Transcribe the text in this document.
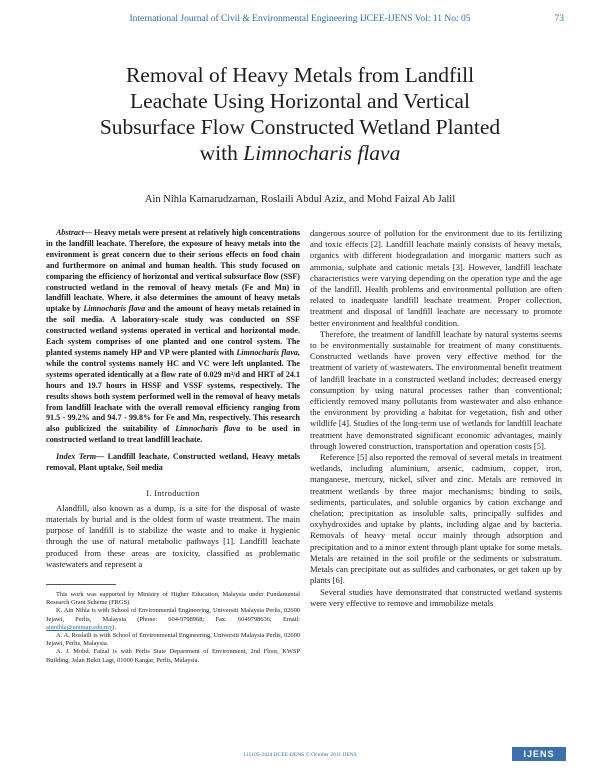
International Journal of Civil & Environmental Engineering IJCEE-IJENS Vol: 11 No: 05	73
Removal of Heavy Metals from Landfill
Leachate Using Horizontal and Vertical
Subsurface Flow Constructed Wetland Planted
with Limnocharis flava
Ain Nihla Kamarudzaman, Roslaili Abdul Aziz, and Mohd Faizal Ab Jalil

Abstract— Heavy metals were present at relatively high concentrations in the landfill leachate. Therefore, the exposure of heavy metals into the environment is great concern due to their serious effects on food chain and furthermore on animal and human health. This study focused on comparing the efficiency of horizontal and vertical subsurface flow (SSF) constructed wetland in the removal of heavy metals (Fe and Mn) in landfill leachate. Where, it also determines the amount of heavy metals uptake by Limnocharis flava and the amount of heavy metals retained in the soil media. A laboratory-scale study was conducted on SSF constructed wetland systems operated in vertical and horizontal mode. Each system comprises of one planted and one control system. The planted systems namely HP and VP were planted with Limnocharis flava, while the control systems namely HC and VC were left unplanted. The systems operated identically at a flow rate of 0.029 m³/d and HRT of 24.1 hours and 19.7 hours in HSSF and VSSF systems, respectively. The results shows both system performed well in the removal of heavy metals from landfill leachate with the overall removal efficiency ranging from 91.5 - 99.2% and 94.7 - 99.8% for Fe and Mn, respectively. This research also publicized the suitability of Limnocharis flava to be used in constructed wetland to treat landfill leachate.

Index Term— Landfill leachate, Constructed wetland, Heavy metals removal, Plant uptake, Soil media

I. Introduction

Alandfill, also known as a dump, is a site for the disposal of waste materials by burial and is the oldest form of waste treatment. The main purpose of landfill is to stabilize the waste and to make it hygienic through the use of natural metabolic pathways [1]. Landfill leachate produced from these areas are toxicity, classified as problematic wastewaters and represent a

This work was supported by Ministry of Higher Education, Malaysia under Fundamental Research Grant Scheme (FRGS).

K. Ain Nihla is with School of Environmental Engineering, Universiti Malaysia Perlis, 02600 Jejawi, Perlis, Malaysia (Phone: 604-9798968; Fax: 6049798636; Email: ainnihla@unimap.edu.my).

A. A. Roslaili is with School of Environmental Engineering, Universiti Malaysia Perlis, 02600 Jejawi, Perlis, Malaysia.

A. J. Mohd. Faizal is with Perlis State Department of Environment, 2nd Floor, KWSP Building, Jalan Bukit Lagi, 01000 Kangar, Perlis, Malaysia.

dangerous source of pollution for the environment due to its fertilizing and toxic effects [2]. Landfill leachate mainly consists of heavy metals, organics with different biodegradation and inorganic matters such as ammonia, sulphate and cationic metals [3]. However, landfill leachate characteristics were varying depending on the operation type and the age of the landfill. Health problems and environmental pollution are often related to inadequate landfill leachate treatment. Proper collection, treatment and disposal of landfill leachate are necessary to promote better environment and healthful condition.

Therefore, the treatment of landfill leachate by natural systems seems to be environmentally sustainable for treatment of many constituents. Constructed wetlands have proven very effective method for the treatment of variety of wastewaters. The environmental benefit treatment of landfill leachate in a constructed wetland includes; decreased energy consumption by using natural processes rather than conventional; efficiently removed many pollutants from wastewater and also enhance the environment by providing a habitat for vegetation, fish and other wildlife [4]. Studies of the long-term use of wetlands for landfill leachate treatment have demonstrated significant economic advantages, mainly through lowered construction, transportation and operation costs [5].

Reference [5] also reported the removal of several metals in treatment wetlands, including aluminium, arsenic, cadmium, copper, iron, manganese, mercury, nickel, silver and zinc. Metals are removed in treatment wetlands by three major mechanisms; binding to soils, sediments, particulates, and soluble organics by cation exchange and chelation; precipitation as insoluble salts, principally sulfides and oxyhydroxides and uptake by plants, including algae and by bacteria. Removals of heavy metal occur mainly through adsorption and precipitation and to a minor extent through plant uptake for some metals. Metals are retained in the soil profile or the sediments or substratum. Metals can precipitate out as sulfides and carbonates, or get taken up by plants [6].

Several studies have demonstrated that constructed wetland systems were very effective to remove and immobilize metals

115105-2424 IJCEE-IJENS © October 2011 IJENS	IJENS
